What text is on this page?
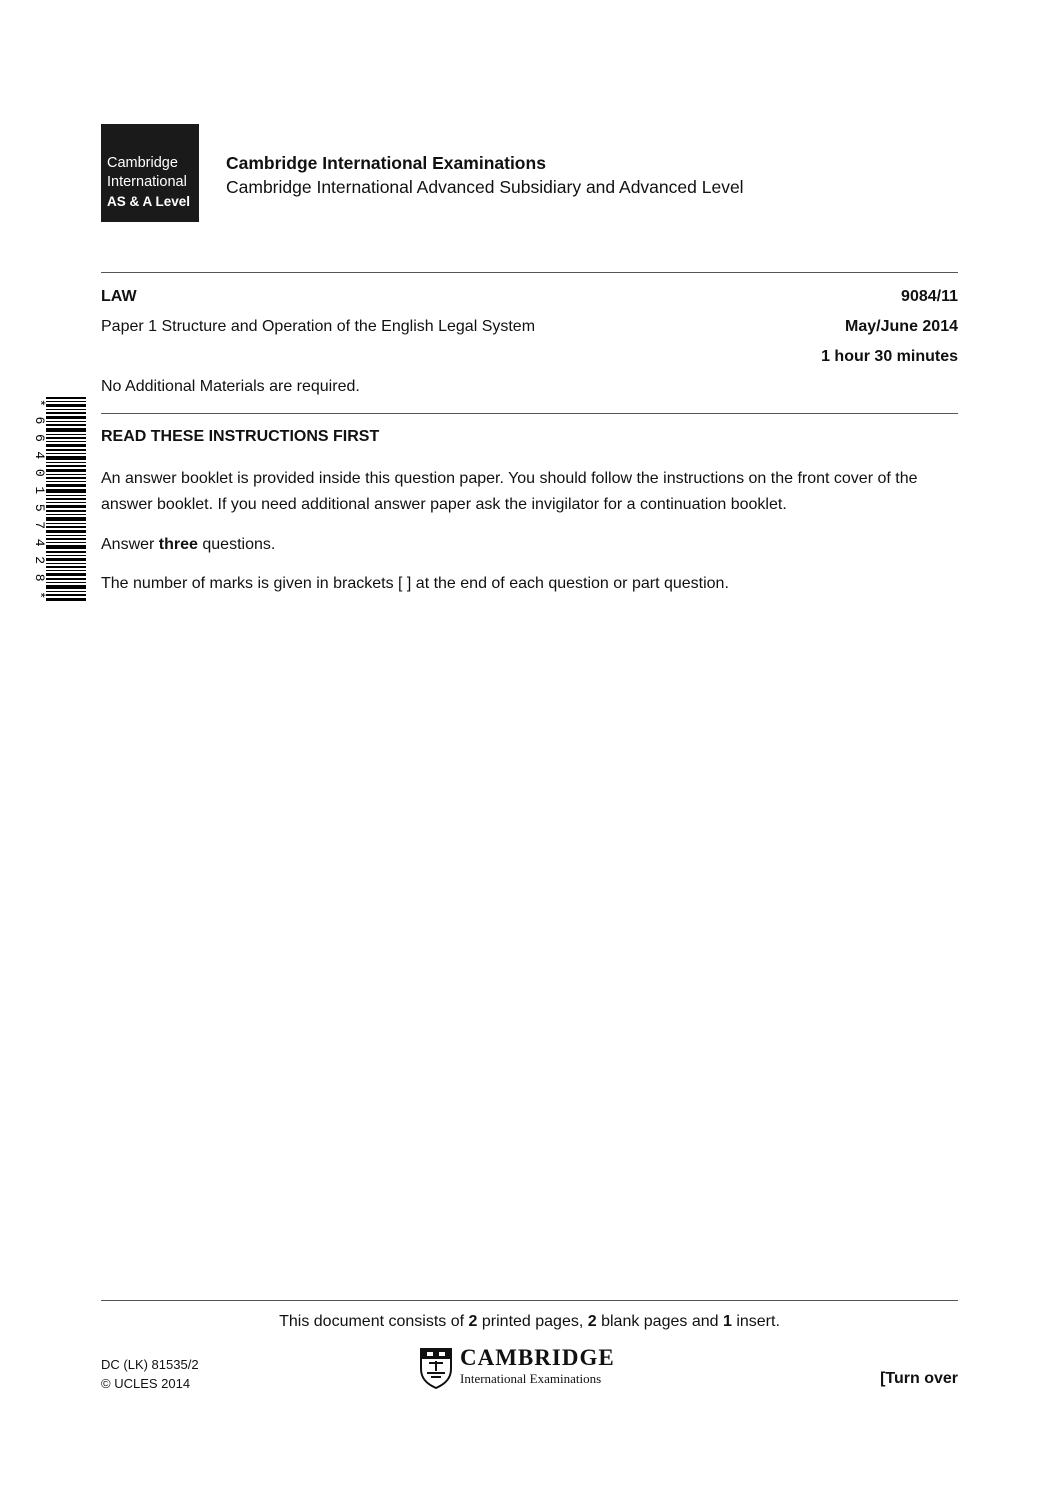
Cambridge
International
AS & A Level
Cambridge International Examinations
Cambridge International Advanced Subsidiary and Advanced Level
LAW	9084/11
Paper 1 Structure and Operation of the English Legal System	May/June 2014
1 hour 30 minutes
No Additional Materials are required.
*6640157428*
READ THESE INSTRUCTIONS FIRST
An answer booklet is provided inside this question paper. You should follow the instructions on the front cover of the answer booklet. If you need additional answer paper ask the invigilator for a continuation booklet.
Answer three questions.
The number of marks is given in brackets [ ] at the end of each question or part question.
This document consists of 2 printed pages, 2 blank pages and 1 insert.
DC (LK) 81535/2
© UCLES 2014
CAMBRIDGE
International Examinations	[Turn over
